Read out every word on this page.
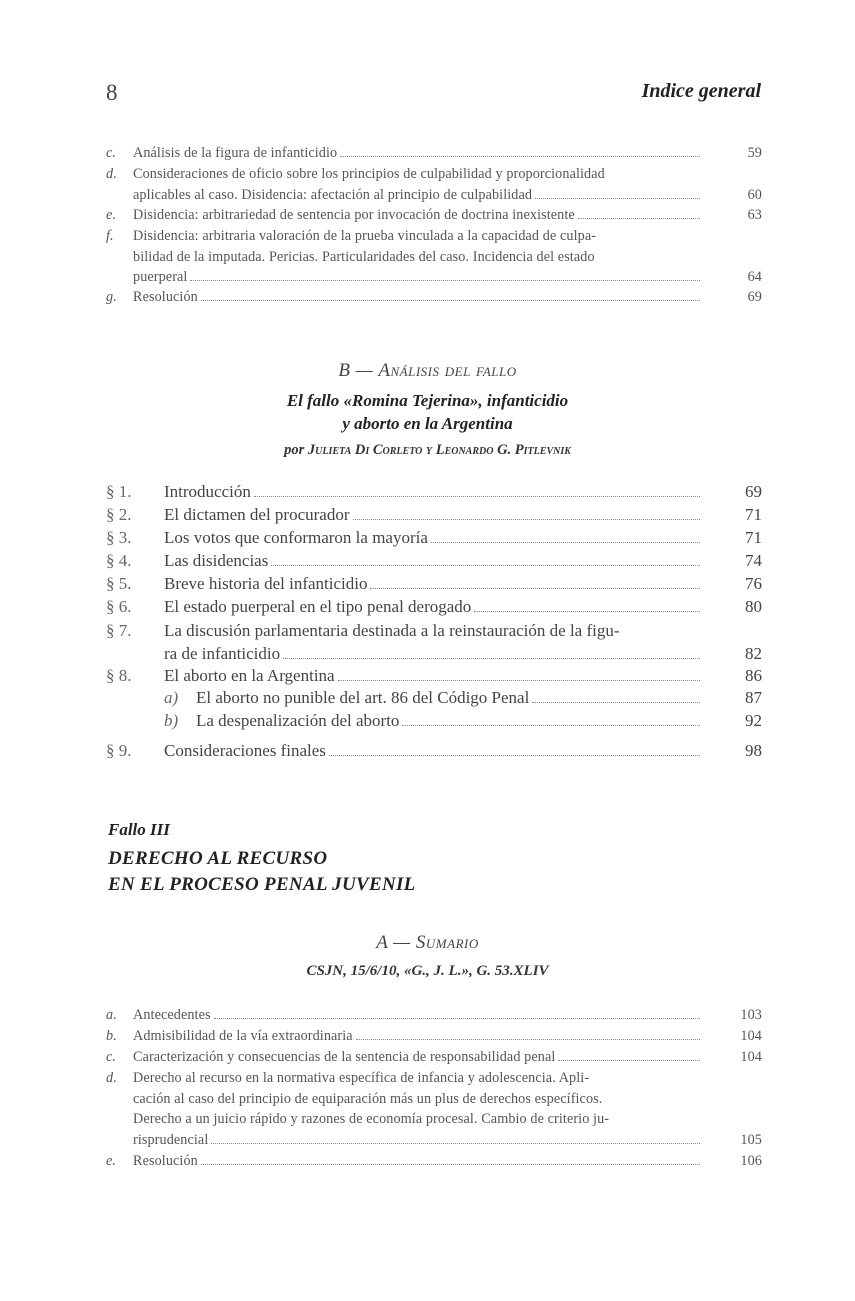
8	Indice general
c.	Análisis de la figura de infanticidio	59
d.	Consideraciones de oficio sobre los principios de culpabilidad y proporcionalidad
aplicables al caso. Disidencia: afectación al principio de culpabilidad	60
e.	Disidencia: arbitrariedad de sentencia por invocación de doctrina inexistente	63
f.	Disidencia: arbitraria valoración de la prueba vinculada a la capacidad de culpa-
bilidad de la imputada. Pericias. Particularidades del caso. Incidencia del estado
puerperal	64
g.	Resolución	69
B — Análisis del fallo
El fallo «Romina Tejerina», infanticidio
y aborto en la Argentina
por Julieta Di Corleto y Leonardo G. Pitlevnik
§ 1.	Introducción	69
§ 2.	El dictamen del procurador	71
§ 3.	Los votos que conformaron la mayoría	71
§ 4.	Las disidencias	74
§ 5.	Breve historia del infanticidio	76
§ 6.	El estado puerperal en el tipo penal derogado	80
§ 7.	La discusión parlamentaria destinada a la reinstauración de la figu-
ra de infanticidio	82
§ 8.	El aborto en la Argentina	86
a)	El aborto no punible del art. 86 del Código Penal	87
b)	La despenalización del aborto	92
§ 9.	Consideraciones finales	98
Fallo III
DERECHO AL RECURSO
EN EL PROCESO PENAL JUVENIL
A — Sumario
CSJN, 15/6/10, «G., J. L.», G. 53.XLIV
a.	Antecedentes	103
b.	Admisibilidad de la vía extraordinaria	104
c.	Caracterización y consecuencias de la sentencia de responsabilidad penal	104
d.	Derecho al recurso en la normativa específica de infancia y adolescencia. Apli-
cación al caso del principio de equiparación más un plus de derechos específicos.
Derecho a un juicio rápido y razones de economía procesal. Cambio de criterio ju-
risprudencial	105
e.	Resolución	106
